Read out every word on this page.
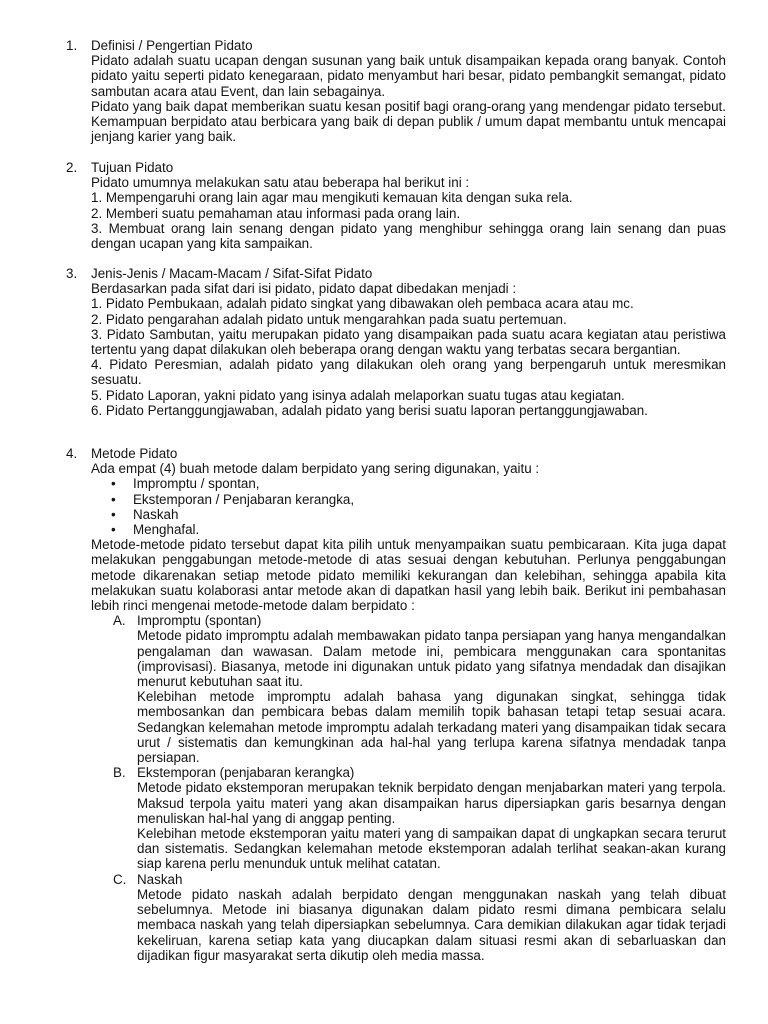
1. Definisi / Pengertian Pidato
Pidato adalah suatu ucapan dengan susunan yang baik untuk disampaikan kepada orang banyak. Contoh pidato yaitu seperti pidato kenegaraan, pidato menyambut hari besar, pidato pembangkit semangat, pidato sambutan acara atau Event, dan lain sebagainya.
Pidato yang baik dapat memberikan suatu kesan positif bagi orang-orang yang mendengar pidato tersebut. Kemampuan berpidato atau berbicara yang baik di depan publik / umum dapat membantu untuk mencapai jenjang karier yang baik.
2. Tujuan Pidato
Pidato umumnya melakukan satu atau beberapa hal berikut ini :
1. Mempengaruhi orang lain agar mau mengikuti kemauan kita dengan suka rela.
2. Memberi suatu pemahaman atau informasi pada orang lain.
3. Membuat orang lain senang dengan pidato yang menghibur sehingga orang lain senang dan puas dengan ucapan yang kita sampaikan.
3. Jenis-Jenis / Macam-Macam / Sifat-Sifat Pidato
Berdasarkan pada sifat dari isi pidato, pidato dapat dibedakan menjadi :
1. Pidato Pembukaan, adalah pidato singkat yang dibawakan oleh pembaca acara atau mc.
2. Pidato pengarahan adalah pidato untuk mengarahkan pada suatu pertemuan.
3. Pidato Sambutan, yaitu merupakan pidato yang disampaikan pada suatu acara kegiatan atau peristiwa tertentu yang dapat dilakukan oleh beberapa orang dengan waktu yang terbatas secara bergantian.
4. Pidato Peresmian, adalah pidato yang dilakukan oleh orang yang berpengaruh untuk meresmikan sesuatu.
5. Pidato Laporan, yakni pidato yang isinya adalah melaporkan suatu tugas atau kegiatan.
6. Pidato Pertanggungjawaban, adalah pidato yang berisi suatu laporan pertanggungjawaban.
4. Metode Pidato
Ada empat (4) buah metode dalam berpidato yang sering digunakan, yaitu :
• Impromptu / spontan,
• Ekstemporan / Penjabaran kerangka,
• Naskah
• Menghafal.
Metode-metode pidato tersebut dapat kita pilih untuk menyampaikan suatu pembicaraan. Kita juga dapat melakukan penggabungan metode-metode di atas sesuai dengan kebutuhan. Perlunya penggabungan metode dikarenakan setiap metode pidato memiliki kekurangan dan kelebihan, sehingga apabila kita melakukan suatu kolaborasi antar metode akan di dapatkan hasil yang lebih baik. Berikut ini pembahasan lebih rinci mengenai metode-metode dalam berpidato :
A. Impromptu (spontan)
Metode pidato impromptu adalah membawakan pidato tanpa persiapan yang hanya mengandalkan pengalaman dan wawasan. Dalam metode ini, pembicara menggunakan cara spontanitas (improvisasi). Biasanya, metode ini digunakan untuk pidato yang sifatnya mendadak dan disajikan menurut kebutuhan saat itu.
Kelebihan metode impromptu adalah bahasa yang digunakan singkat, sehingga tidak membosankan dan pembicara bebas dalam memilih topik bahasan tetapi tetap sesuai acara. Sedangkan kelemahan metode impromptu adalah terkadang materi yang disampaikan tidak secara urut / sistematis dan kemungkinan ada hal-hal yang terlupa karena sifatnya mendadak tanpa persiapan.
B. Ekstemporan (penjabaran kerangka)
Metode pidato ekstemporan merupakan teknik berpidato dengan menjabarkan materi yang terpola. Maksud terpola yaitu materi yang akan disampaikan harus dipersiapkan garis besarnya dengan menuliskan hal-hal yang di anggap penting.
Kelebihan metode ekstemporan yaitu materi yang di sampaikan dapat di ungkapkan secara terurut dan sistematis. Sedangkan kelemahan metode ekstemporan adalah terlihat seakan-akan kurang siap karena perlu menunduk untuk melihat catatan.
C. Naskah
Metode pidato naskah adalah berpidato dengan menggunakan naskah yang telah dibuat sebelumnya. Metode ini biasanya digunakan dalam pidato resmi dimana pembicara selalu membaca naskah yang telah dipersiapkan sebelumnya. Cara demikian dilakukan agar tidak terjadi kekeliruan, karena setiap kata yang diucapkan dalam situasi resmi akan di sebarluaskan dan dijadikan figur masyarakat serta dikutip oleh media massa.
